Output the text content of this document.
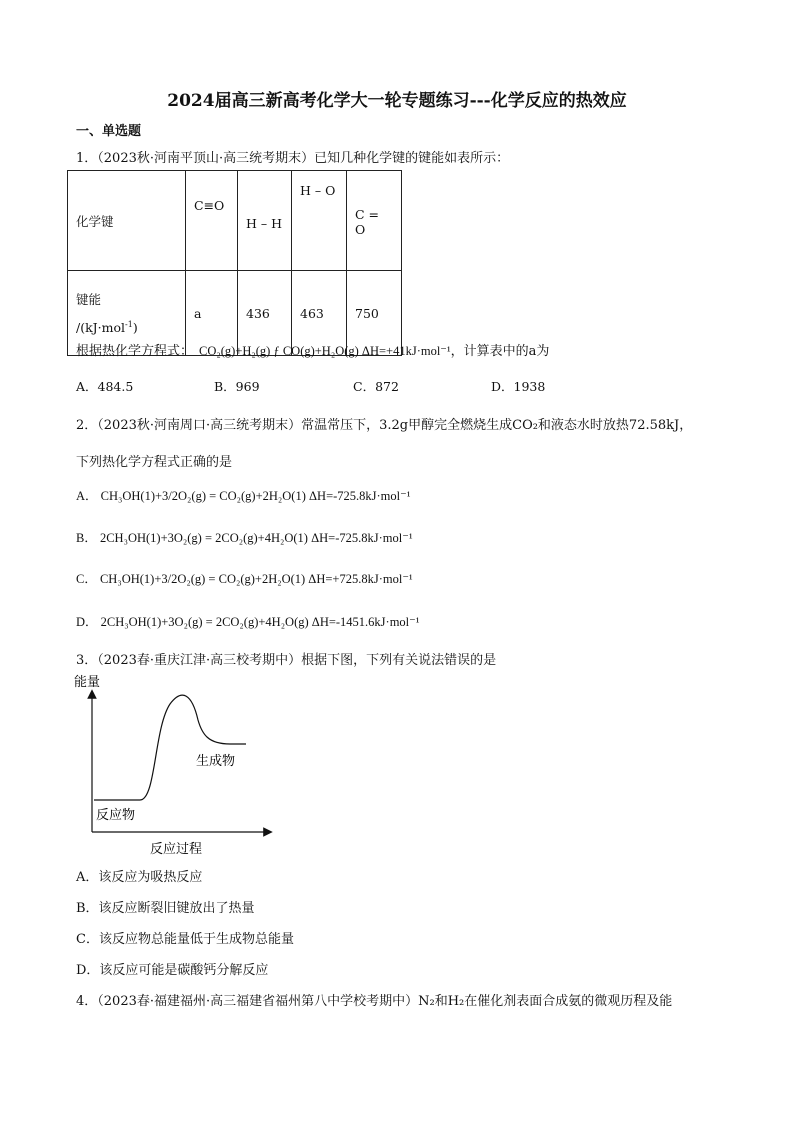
2024届高三新高考化学大一轮专题练习---化学反应的热效应
一、单选题
1．（2023秋·河南平顶山·高三统考期末）已知几种化学键的键能如表所示：
化学键	C≡O	H – H	H – O	C = O

键能
/(kJ·mol$^{-1}$)	a	436	463	750
根据热化学方程式： CO₂(g)+H₂(g) ƒ CO(g)+H₂O(g) ΔH=+41kJ·mol⁻¹，计算表中的a为
A．484.5	B．969	C．872	D．1938
2．（2023秋·河南周口·高三统考期末）常温常压下，3.2g甲醇完全燃烧生成CO₂和液态水时放热72.58kJ，
下列热化学方程式正确的是
A． CH₃OH(1)+3/2O₂(g) = CO₂(g)+2H₂O(1) ΔH=-725.8kJ·mol⁻¹
B． 2CH₃OH(1)+3O₂(g) = 2CO₂(g)+4H₂O(1) ΔH=-725.8kJ·mol⁻¹
C． CH₃OH(1)+3/2O₂(g) = CO₂(g)+2H₂O(1) ΔH=+725.8kJ·mol⁻¹
D． 2CH₃OH(1)+3O₂(g) = 2CO₂(g)+4H₂O(g) ΔH=-1451.6kJ·mol⁻¹
3．（2023春·重庆江津·高三校考期中）根据下图，下列有关说法错误的是
能量
反应物
生成物
反应过程
A．该反应为吸热反应
B．该反应断裂旧键放出了热量
C．该反应物总能量低于生成物总能量
D．该反应可能是碳酸钙分解反应
4．（2023春·福建福州·高三福建省福州第八中学校考期中）N₂和H₂在催化剂表面合成氨的微观历程及能
